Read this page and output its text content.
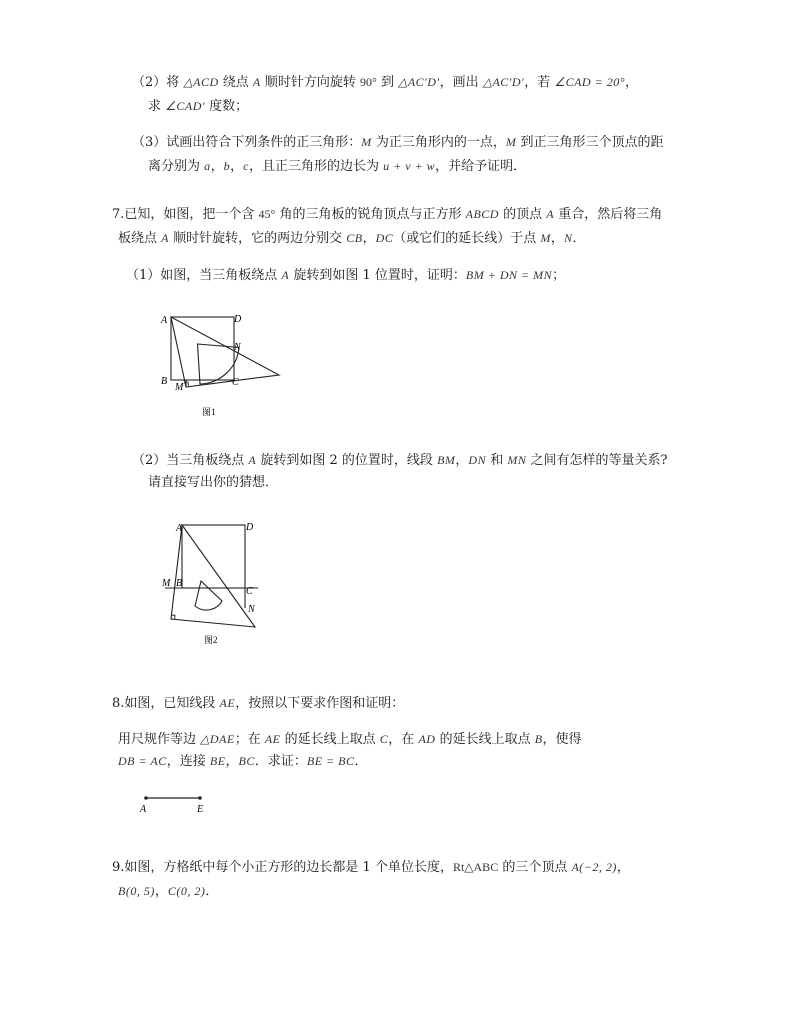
（2）将 △ACD 绕点 A 顺时针方向旋转 90° 到 △AC′D′，画出 △AC′D′，若 ∠CAD = 20°，
求 ∠CAD′ 度数；
（3）试画出符合下列条件的正三角形：M 为正三角形内的一点，M 到正三角形三个顶点的距
离分别为 a，b，c，且正三角形的边长为 u + v + w，并给予证明．
7.已知，如图，把一个含 45° 角的三角板的锐角顶点与正方形 ABCD 的顶点 A 重合，然后将三角
板绕点 A 顺时针旋转，它的两边分别交 CB，DC（或它们的延长线）于点 M，N．
（1）如图，当三角板绕点 A 旋转到如图 1 位置时，证明：BM + DN = MN；
A	D
N
B	C
M
图1
（2）当三角板绕点 A 旋转到如图 2 的位置时，线段 BM，DN 和 MN 之间有怎样的等量关系?
请直接写出你的猜想．
A	D
M B
C
N
图2
8.如图，已知线段 AE，按照以下要求作图和证明：
用尺规作等边 △DAE；在 AE 的延长线上取点 C，在 AD 的延长线上取点 B，使得
DB = AC，连接 BE，BC．求证：BE = BC．
A	E
9.如图，方格纸中每个小正方形的边长都是 1 个单位长度，Rt△ABC 的三个顶点 A(−2, 2)，
B(0, 5)，C(0, 2)．
